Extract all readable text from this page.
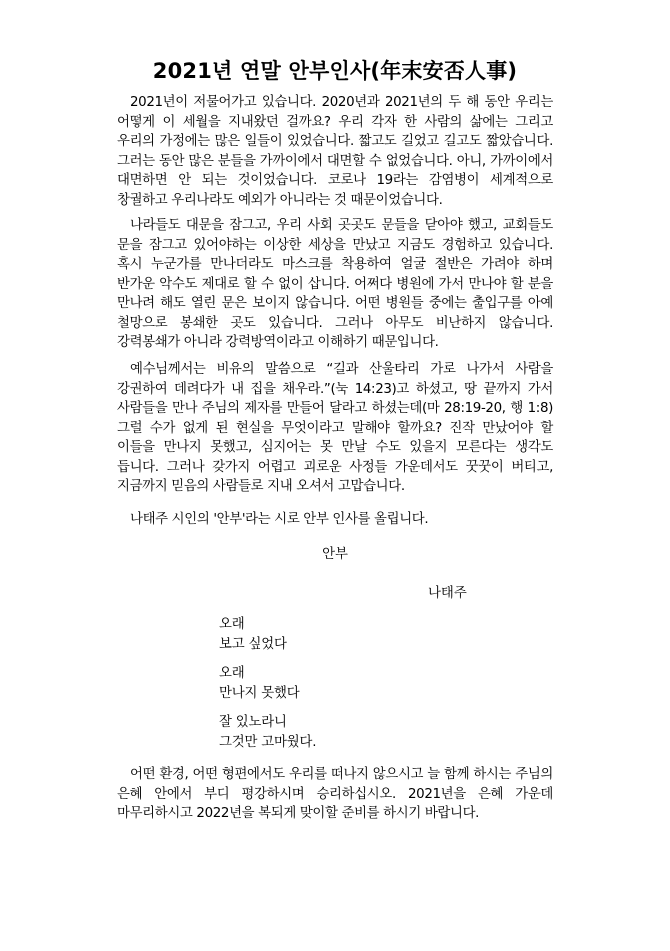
2021년 연말 안부인사(年末安否人事)

2021년이 저물어가고 있습니다. 2020년과 2021년의 두 해 동안 우리는 어떻게 이 세월을 지내왔던 걸까요? 우리 각자 한 사람의 삶에는 그리고 우리의 가정에는 많은 일들이 있었습니다. 짧고도 길었고 길고도 짧았습니다. 그러는 동안 많은 분들을 가까이에서 대면할 수 없었습니다. 아니, 가까이에서 대면하면 안 되는 것이었습니다. 코로나 19라는 감염병이 세계적으로 창궐하고 우리나라도 예외가 아니라는 것 때문이었습니다.

나라들도 대문을 잠그고, 우리 사회 곳곳도 문들을 닫아야 했고, 교회들도 문을 잠그고 있어야하는 이상한 세상을 만났고 지금도 경험하고 있습니다. 혹시 누군가를 만나더라도 마스크를 착용하여 얼굴 절반은 가려야 하며 반가운 악수도 제대로 할 수 없이 삽니다. 어쩌다 병원에 가서 만나야 할 분을 만나려 해도 열린 문은 보이지 않습니다. 어떤 병원들 중에는 출입구를 아예 철망으로 봉쇄한 곳도 있습니다. 그러나 아무도 비난하지 않습니다. 강력봉쇄가 아니라 강력방역이라고 이해하기 때문입니다.

예수님께서는 비유의 말씀으로 “길과 산울타리 가로 나가서 사람을 강권하여 데려다가 내 집을 채우라.”(눅 14:23)고 하셨고, 땅 끝까지 가서 사람들을 만나 주님의 제자를 만들어 달라고 하셨는데(마 28:19-20, 행 1:8) 그럴 수가 없게 된 현실을 무엇이라고 말해야 할까요? 진작 만났어야 할 이들을 만나지 못했고, 심지어는 못 만날 수도 있을지 모른다는 생각도 듭니다. 그러나 갖가지 어렵고 괴로운 사정들 가운데서도 꿋꿋이 버티고, 지금까지 믿음의 사람들로 지내 오셔서 고맙습니다.

나태주 시인의 '안부'라는 시로 안부 인사를 올립니다.

안부
나태주
오래
보고 싶었다
오래
만나지 못했다
잘 있노라니
그것만 고마웠다.

어떤 환경, 어떤 형편에서도 우리를 떠나지 않으시고 늘 함께 하시는 주님의 은혜 안에서 부디 평강하시며 승리하십시오. 2021년을 은혜 가운데 마무리하시고 2022년을 복되게 맞이할 준비를 하시기 바랍니다.
